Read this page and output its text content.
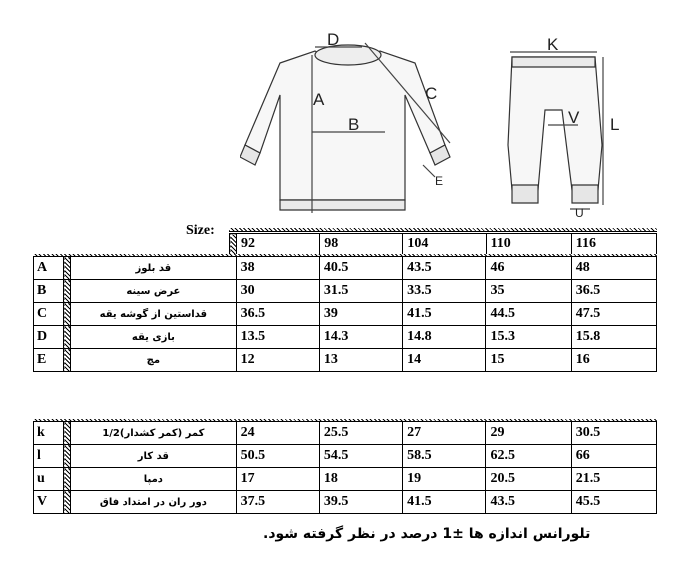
D
A
B
C
E
K
V L
U
Size:
	92	98	104	110	116
A		قد بلوز	38	40.5	43.5	46	48
B		عرض سینه	30	31.5	33.5	35	36.5
C		قداستین از گوشه یقه	36.5	39	41.5	44.5	47.5
D		بازی یقه	13.5	14.3	14.8	15.3	15.8
E		مچ	12	13	14	15	16
k		1/2کمر (کمر کشدار)	24	25.5	27	29	30.5
l		قد کار	50.5	54.5	58.5	62.5	66
u		دمپا	17	18	19	20.5	21.5
V		دور ران در امتداد فاق	37.5	39.5	41.5	43.5	45.5
تلورانس اندازه ها ±1 درصد در نظر گرفته شود.
